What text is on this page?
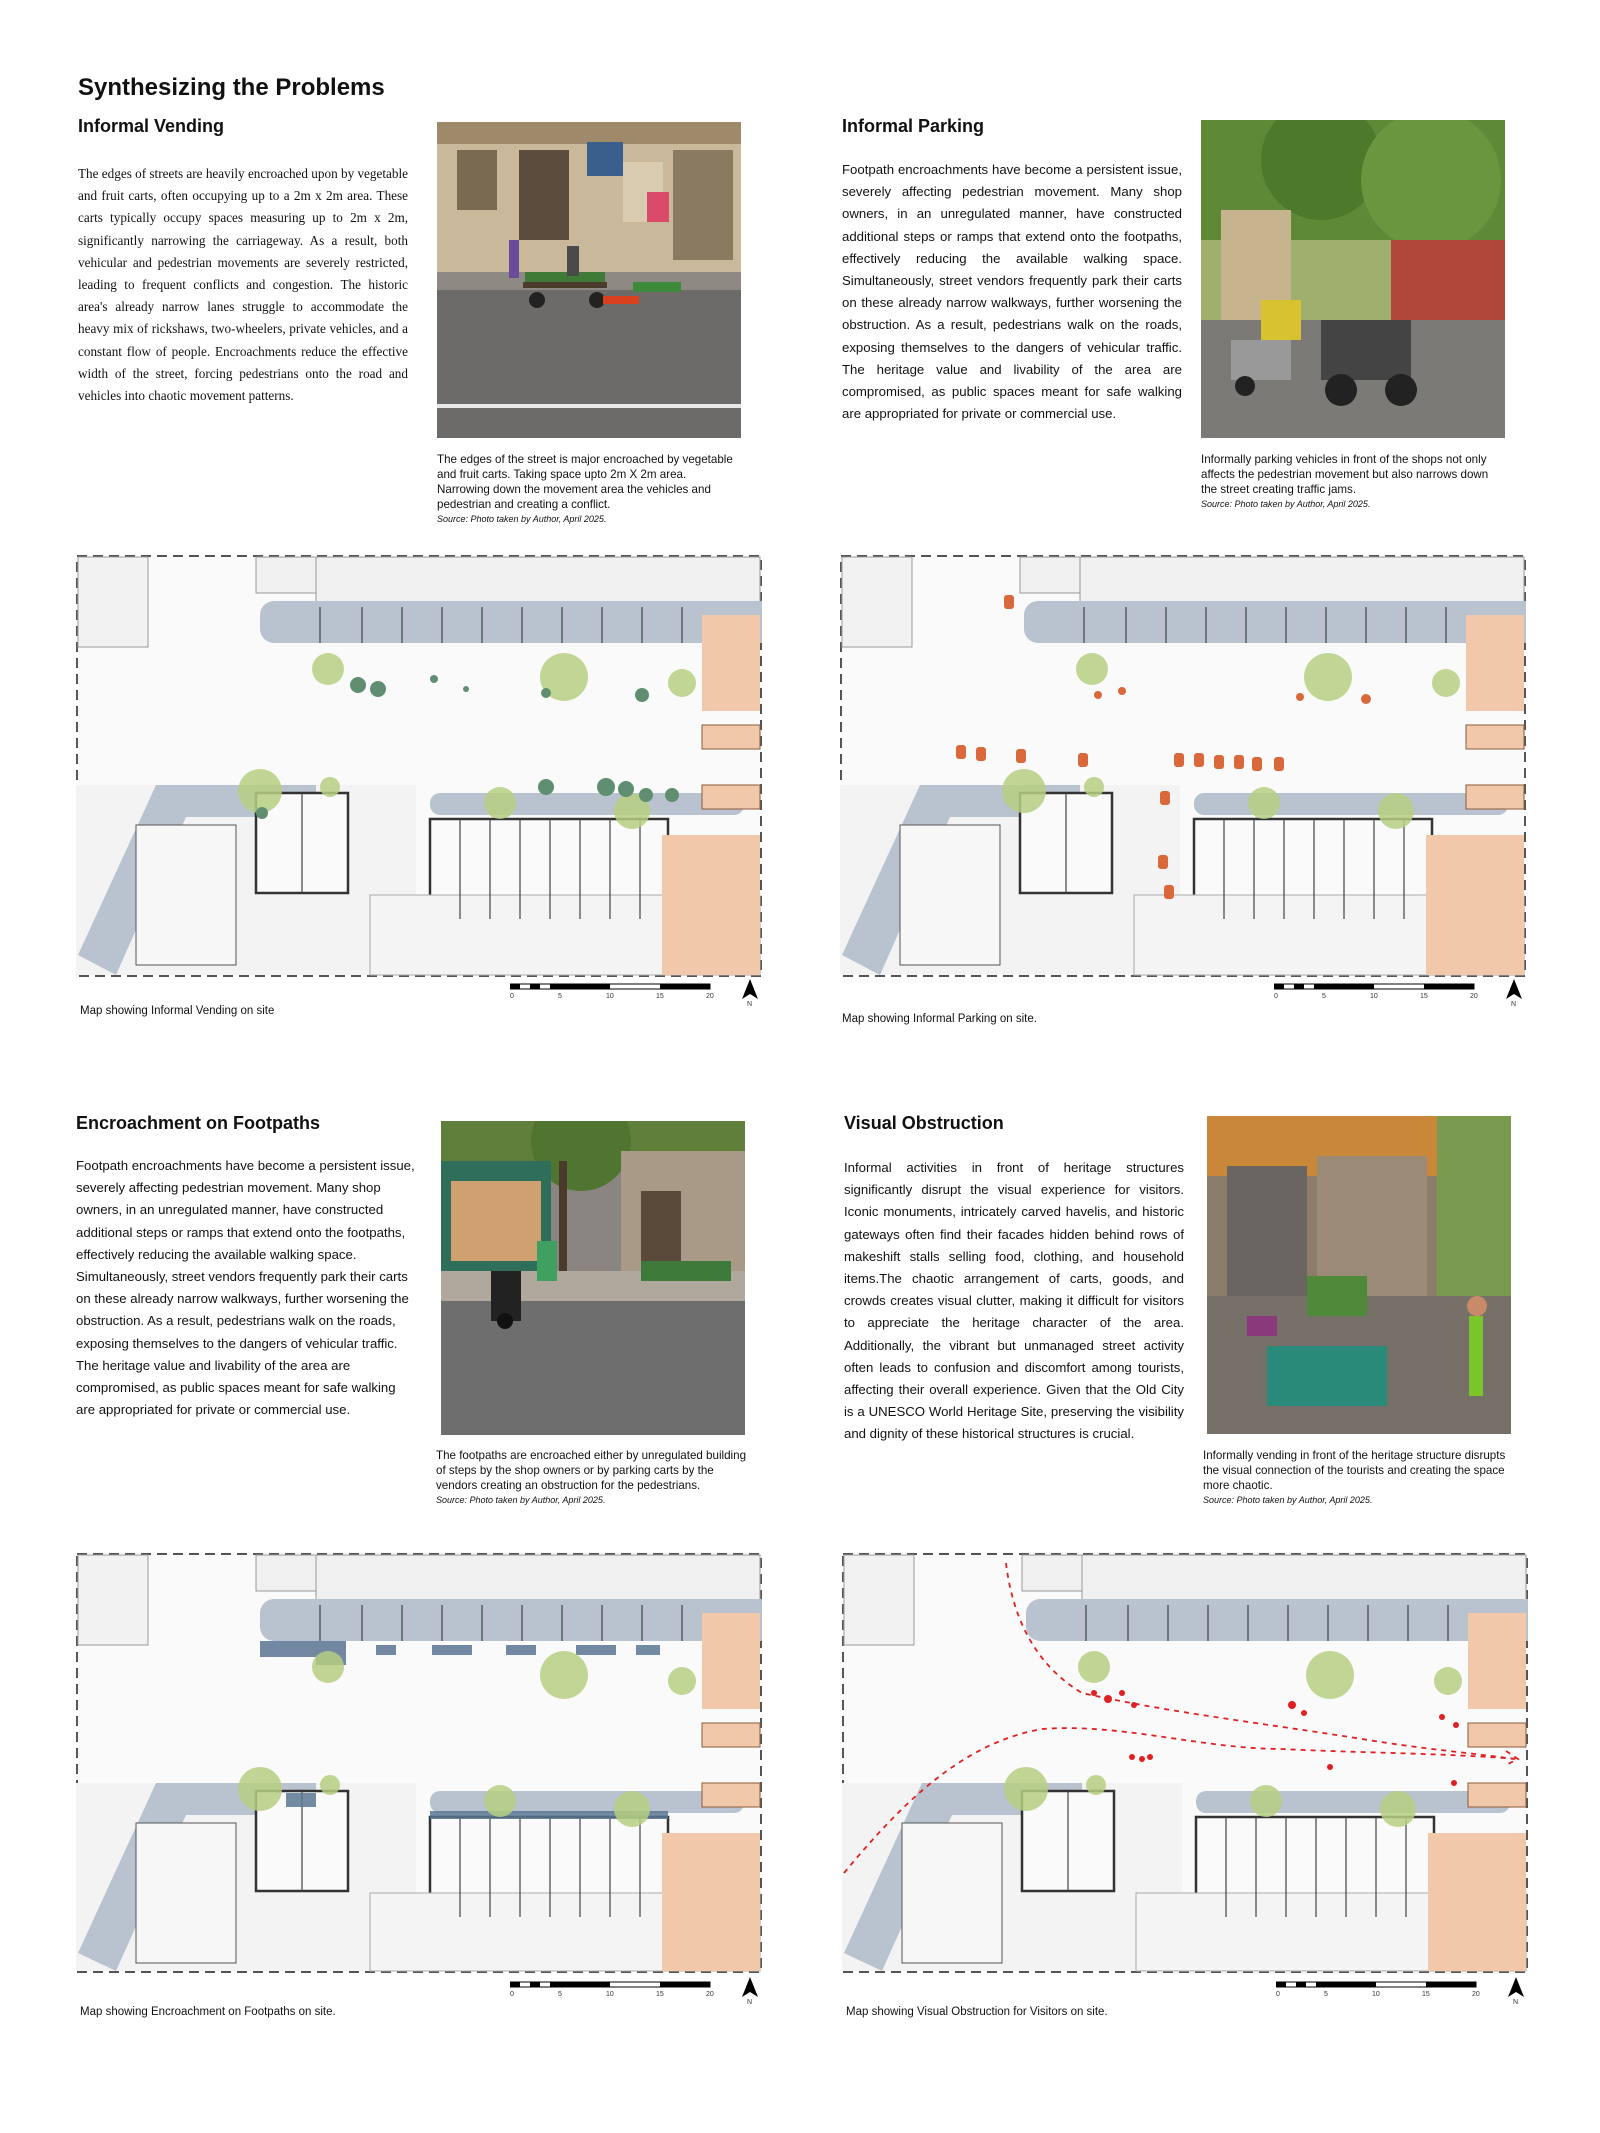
Synthesizing the Problems
Informal Vending

The edges of streets are heavily encroached upon by vegetable and fruit carts, often occupying up to a 2m x 2m area. These carts typically occupy spaces measuring up to 2m x 2m, significantly narrowing the carriageway. As a result, both vehicular and pedestrian movements are severely restricted, leading to frequent conflicts and congestion. The historic area's already narrow lanes struggle to accommodate the heavy mix of rickshaws, two-wheelers, private vehicles, and a constant flow of people. Encroachments reduce the effective width of the street, forcing pedestrians onto the road and vehicles into chaotic movement patterns.

The edges of the street is major encroached by vegetable and fruit carts. Taking space upto 2m X 2m area. Narrowing down the movement area the vehicles and pedestrian and creating a conflict.

Source: Photo taken by Author, April 2025.
Informal Parking

Footpath encroachments have become a persistent issue, severely affecting pedestrian movement. Many shop owners, in an unregulated manner, have constructed additional steps or ramps that extend onto the footpaths, effectively reducing the available walking space. Simultaneously, street vendors frequently park their carts on these already narrow walkways, further worsening the obstruction. As a result, pedestrians walk on the roads, exposing themselves to the dangers of vehicular traffic. The heritage value and livability of the area are compromised, as public spaces meant for safe walking are appropriated for private or commercial use.

Informally parking vehicles in front of the shops not only affects the pedestrian movement but also narrows down the street creating traffic jams.

Source: Photo taken by Author, April 2025.
Map showing Informal Vending on site
0	5	10	15	20
N
Map showing Informal Parking on site.
0	5	10	15	20
N
Encroachment on Footpaths

Footpath encroachments have become a persistent issue, severely affecting pedestrian movement. Many shop owners, in an unregulated manner, have constructed additional steps or ramps that extend onto the footpaths, effectively reducing the available walking space. Simultaneously, street vendors frequently park their carts on these already narrow walkways, further worsening the obstruction. As a result, pedestrians walk on the roads, exposing themselves to the dangers of vehicular traffic. The heritage value and livability of the area are compromised, as public spaces meant for safe walking are appropriated for private or commercial use.

The footpaths are encroached either by unregulated building of steps by the shop owners or by parking carts by the vendors creating an obstruction for the pedestrians.

Source: Photo taken by Author, April 2025.
Visual Obstruction

Informal activities in front of heritage structures significantly disrupt the visual experience for visitors. Iconic monuments, intricately carved havelis, and historic gateways often find their facades hidden behind rows of makeshift stalls selling food, clothing, and household items.The chaotic arrangement of carts, goods, and crowds creates visual clutter, making it difficult for visitors to appreciate the heritage character of the area. Additionally, the vibrant but unmanaged street activity often leads to confusion and discomfort among tourists, affecting their overall experience. Given that the Old City is a UNESCO World Heritage Site, preserving the visibility and dignity of these historical structures is crucial.

Informally vending in front of the heritage structure disrupts the visual connection of the tourists and creating the space more chaotic.

Source: Photo taken by Author, April 2025.
Map showing Encroachment on Footpaths on site.
0	5	10	15	20
N
Map showing Visual Obstruction for Visitors on site.
0	5	10	15	20
N
